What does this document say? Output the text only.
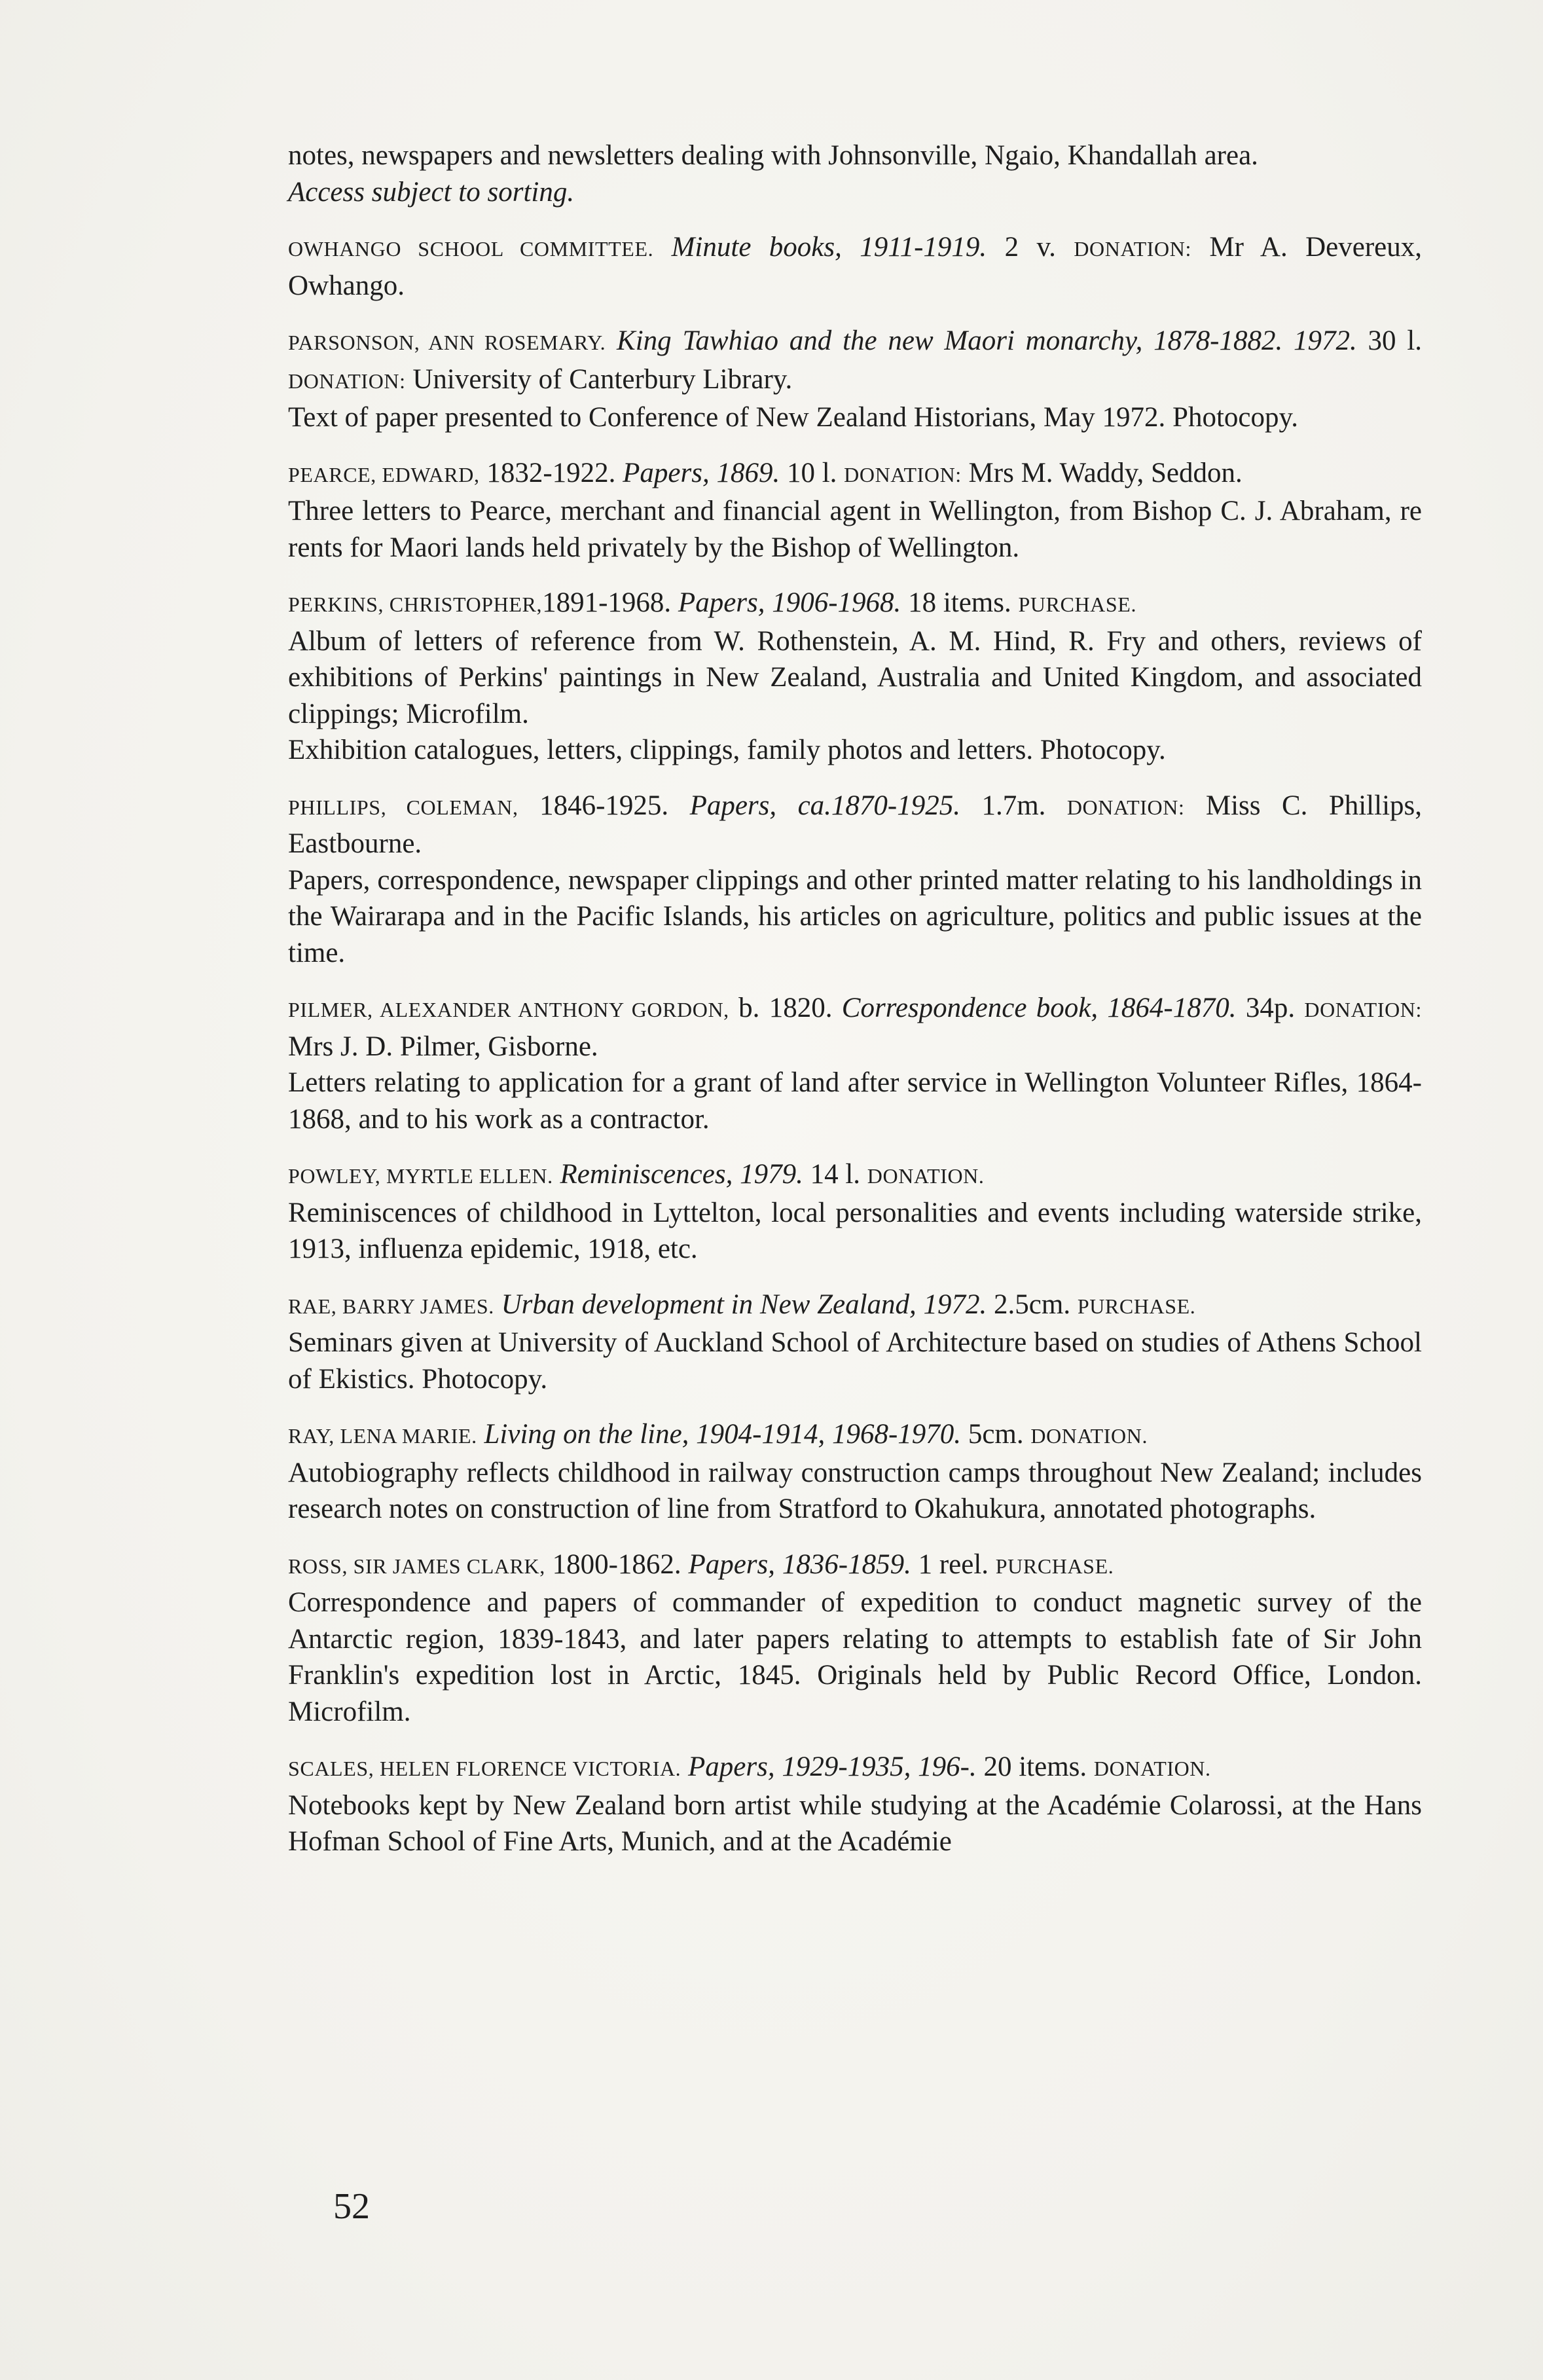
notes, newspapers and newsletters dealing with Johnsonville, Ngaio, Khandallah area.

Access subject to sorting.

OWHANGO SCHOOL COMMITTEE. Minute books, 1911-1919. 2 v. DONATION: Mr A. Devereux, Owhango.

PARSONSON, ANN ROSEMARY. King Tawhiao and the new Maori monarchy, 1878-1882. 1972. 30 l. DONATION: University of Canterbury Library.

Text of paper presented to Conference of New Zealand Historians, May 1972. Photocopy.

PEARCE, EDWARD, 1832-1922. Papers, 1869. 10 l. DONATION: Mrs M. Waddy, Seddon.

Three letters to Pearce, merchant and financial agent in Wellington, from Bishop C. J. Abraham, re rents for Maori lands held privately by the Bishop of Wellington.

PERKINS, CHRISTOPHER,1891-1968. Papers, 1906-1968. 18 items. PURCHASE.

Album of letters of reference from W. Rothenstein, A. M. Hind, R. Fry and others, reviews of exhibitions of Perkins' paintings in New Zealand, Australia and United Kingdom, and associated clippings; Microfilm.

Exhibition catalogues, letters, clippings, family photos and letters. Photocopy.

PHILLIPS, COLEMAN, 1846-1925. Papers, ca.1870-1925. 1.7m. DONATION: Miss C. Phillips, Eastbourne.

Papers, correspondence, newspaper clippings and other printed matter relating to his landholdings in the Wairarapa and in the Pacific Islands, his articles on agriculture, politics and public issues at the time.

PILMER, ALEXANDER ANTHONY GORDON, b. 1820. Correspondence book, 1864-1870. 34p. DONATION: Mrs J. D. Pilmer, Gisborne.

Letters relating to application for a grant of land after service in Wellington Volunteer Rifles, 1864-1868, and to his work as a contractor.

POWLEY, MYRTLE ELLEN. Reminiscences, 1979. 14 l. DONATION.

Reminiscences of childhood in Lyttelton, local personalities and events including waterside strike, 1913, influenza epidemic, 1918, etc.

RAE, BARRY JAMES. Urban development in New Zealand, 1972. 2.5cm. PURCHASE.

Seminars given at University of Auckland School of Architecture based on studies of Athens School of Ekistics. Photocopy.

RAY, LENA MARIE. Living on the line, 1904-1914, 1968-1970. 5cm. DONATION.

Autobiography reflects childhood in railway construction camps throughout New Zealand; includes research notes on construction of line from Stratford to Okahukura, annotated photographs.

ROSS, SIR JAMES CLARK, 1800-1862. Papers, 1836-1859. 1 reel. PURCHASE.

Correspondence and papers of commander of expedition to conduct magnetic survey of the Antarctic region, 1839-1843, and later papers relating to attempts to establish fate of Sir John Franklin's expedition lost in Arctic, 1845. Originals held by Public Record Office, London. Microfilm.

SCALES, HELEN FLORENCE VICTORIA. Papers, 1929-1935, 196-. 20 items. DONATION.

Notebooks kept by New Zealand born artist while studying at the Académie Colarossi, at the Hans Hofman School of Fine Arts, Munich, and at the Académie

52
